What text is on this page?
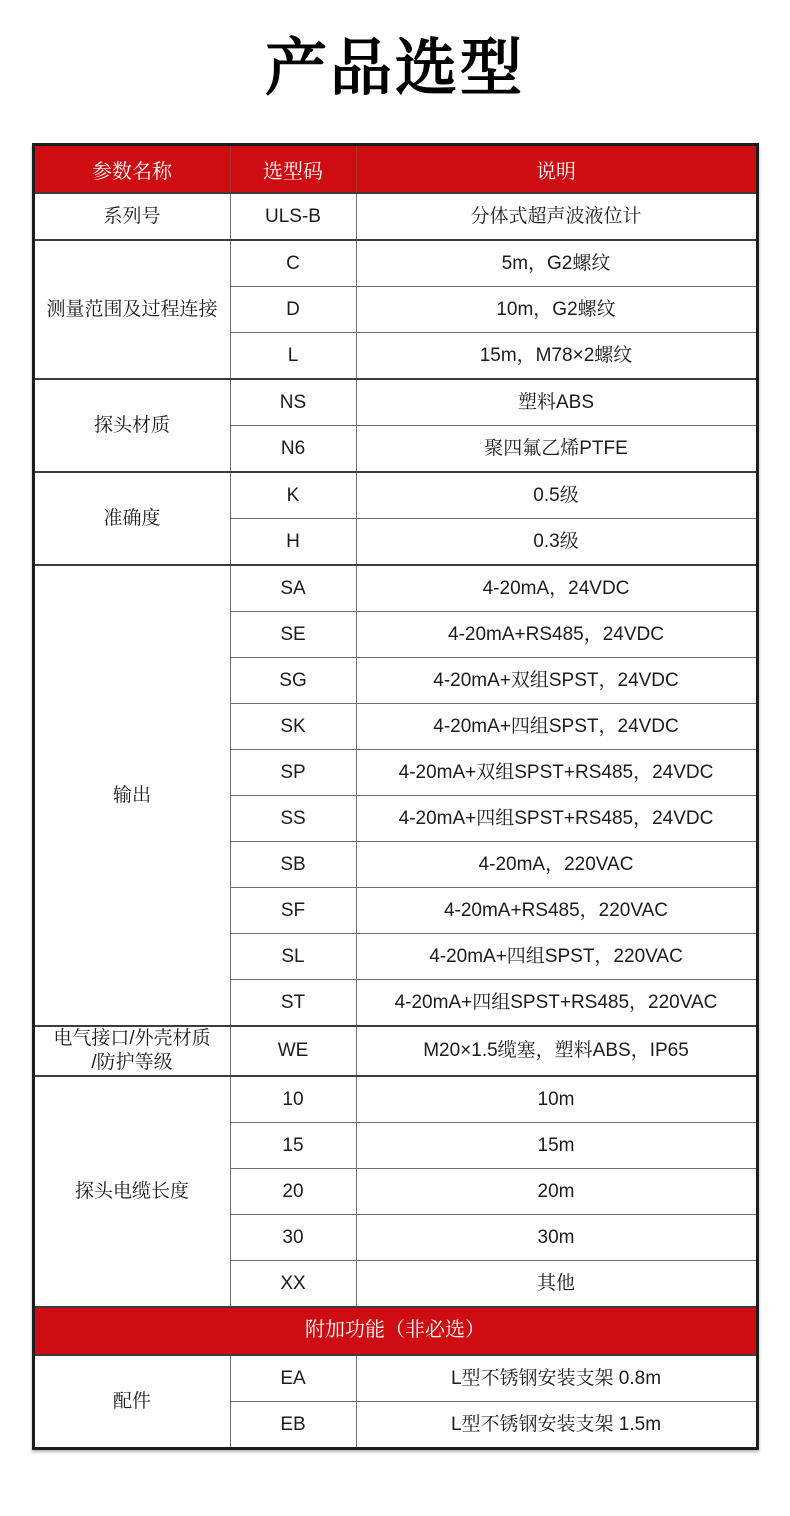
产品选型
参数名称	选型码	说明

系列号	ULS-B	分体式超声波液位计

测量范围及过程连接	C	5m，G2螺纹
	D	10m，G2螺纹
	L	15m，M78×2螺纹

探头材质	NS	塑料ABS
	N6	聚四氟乙烯PTFE

准确度	K	0.5级
	H	0.3级

输出	SA	4-20mA，24VDC
	SE	4-20mA+RS485，24VDC
	SG	4-20mA+双组SPST，24VDC
	SK	4-20mA+四组SPST，24VDC
	SP	4-20mA+双组SPST+RS485，24VDC
	SS	4-20mA+四组SPST+RS485，24VDC
	SB	4-20mA，220VAC
	SF	4-20mA+RS485，220VAC
	SL	4-20mA+四组SPST，220VAC
	ST	4-20mA+四组SPST+RS485，220VAC

电气接口/外壳材质
/防护等级	WE	M20×1.5缆塞，塑料ABS，IP65

探头电缆长度	10	10m
	15	15m
	20	20m
	30	30m
	XX	其他
附加功能（非必选）		

配件	EA	L型不锈钢安装支架 0.8m
	EB	L型不锈钢安装支架 1.5m
